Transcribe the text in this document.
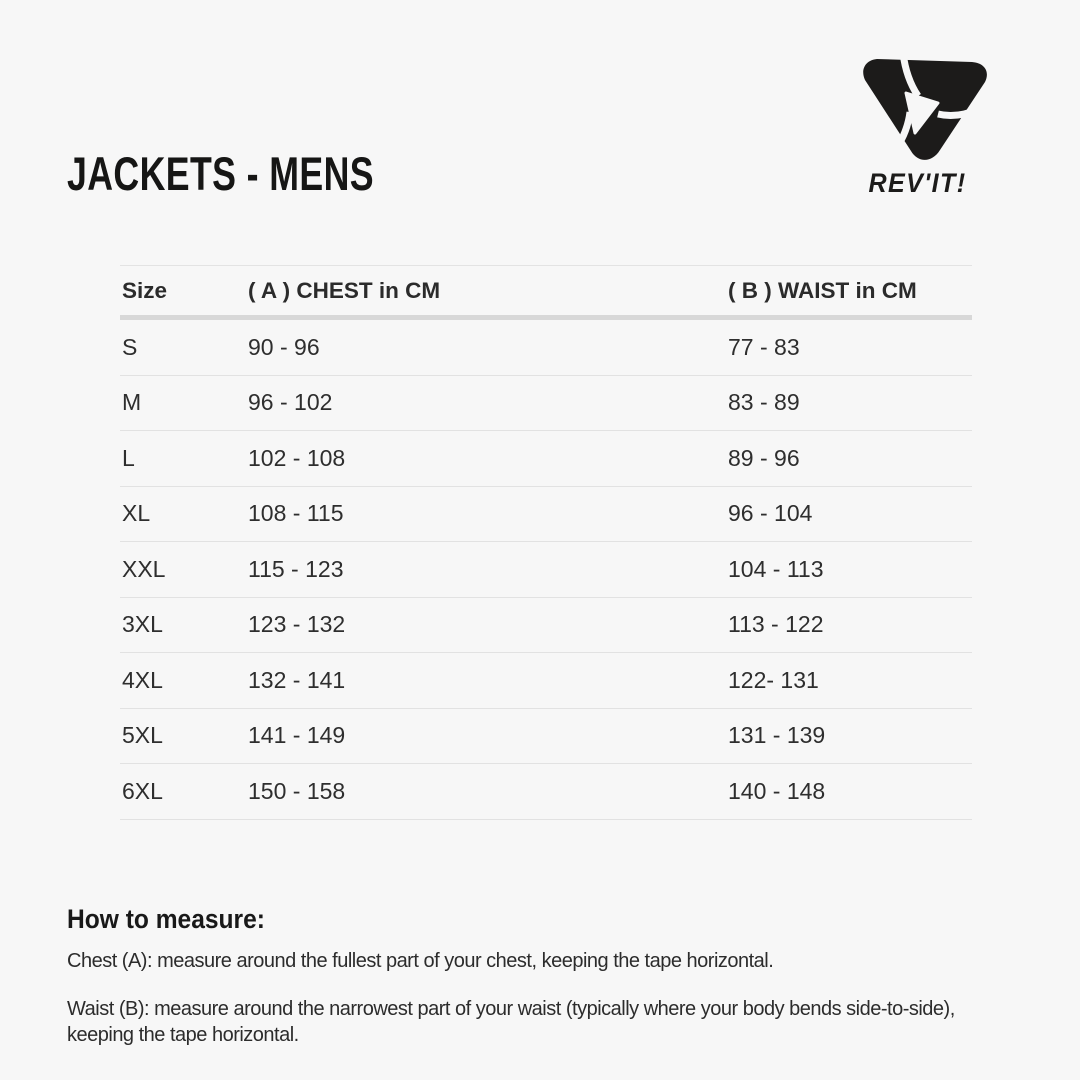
JACKETS - MENS	REV'IT!
Size	( A ) CHEST in CM	( B ) WAIST in CM
S	90 - 96	77 - 83
M	96 - 102	83 - 89
L	102 - 108	89 - 96
XL	108 - 115	96 - 104
XXL	115 - 123	104 - 113
3XL	123 - 132	113 - 122
4XL	132 - 141	122- 131
5XL	141 - 149	131 - 139
6XL	150 - 158	140 - 148
How to measure:

Chest (A): measure around the fullest part of your chest, keeping the tape horizontal.

Waist (B): measure around the narrowest part of your waist (typically where your body bends side-to-side), keeping the tape horizontal.
